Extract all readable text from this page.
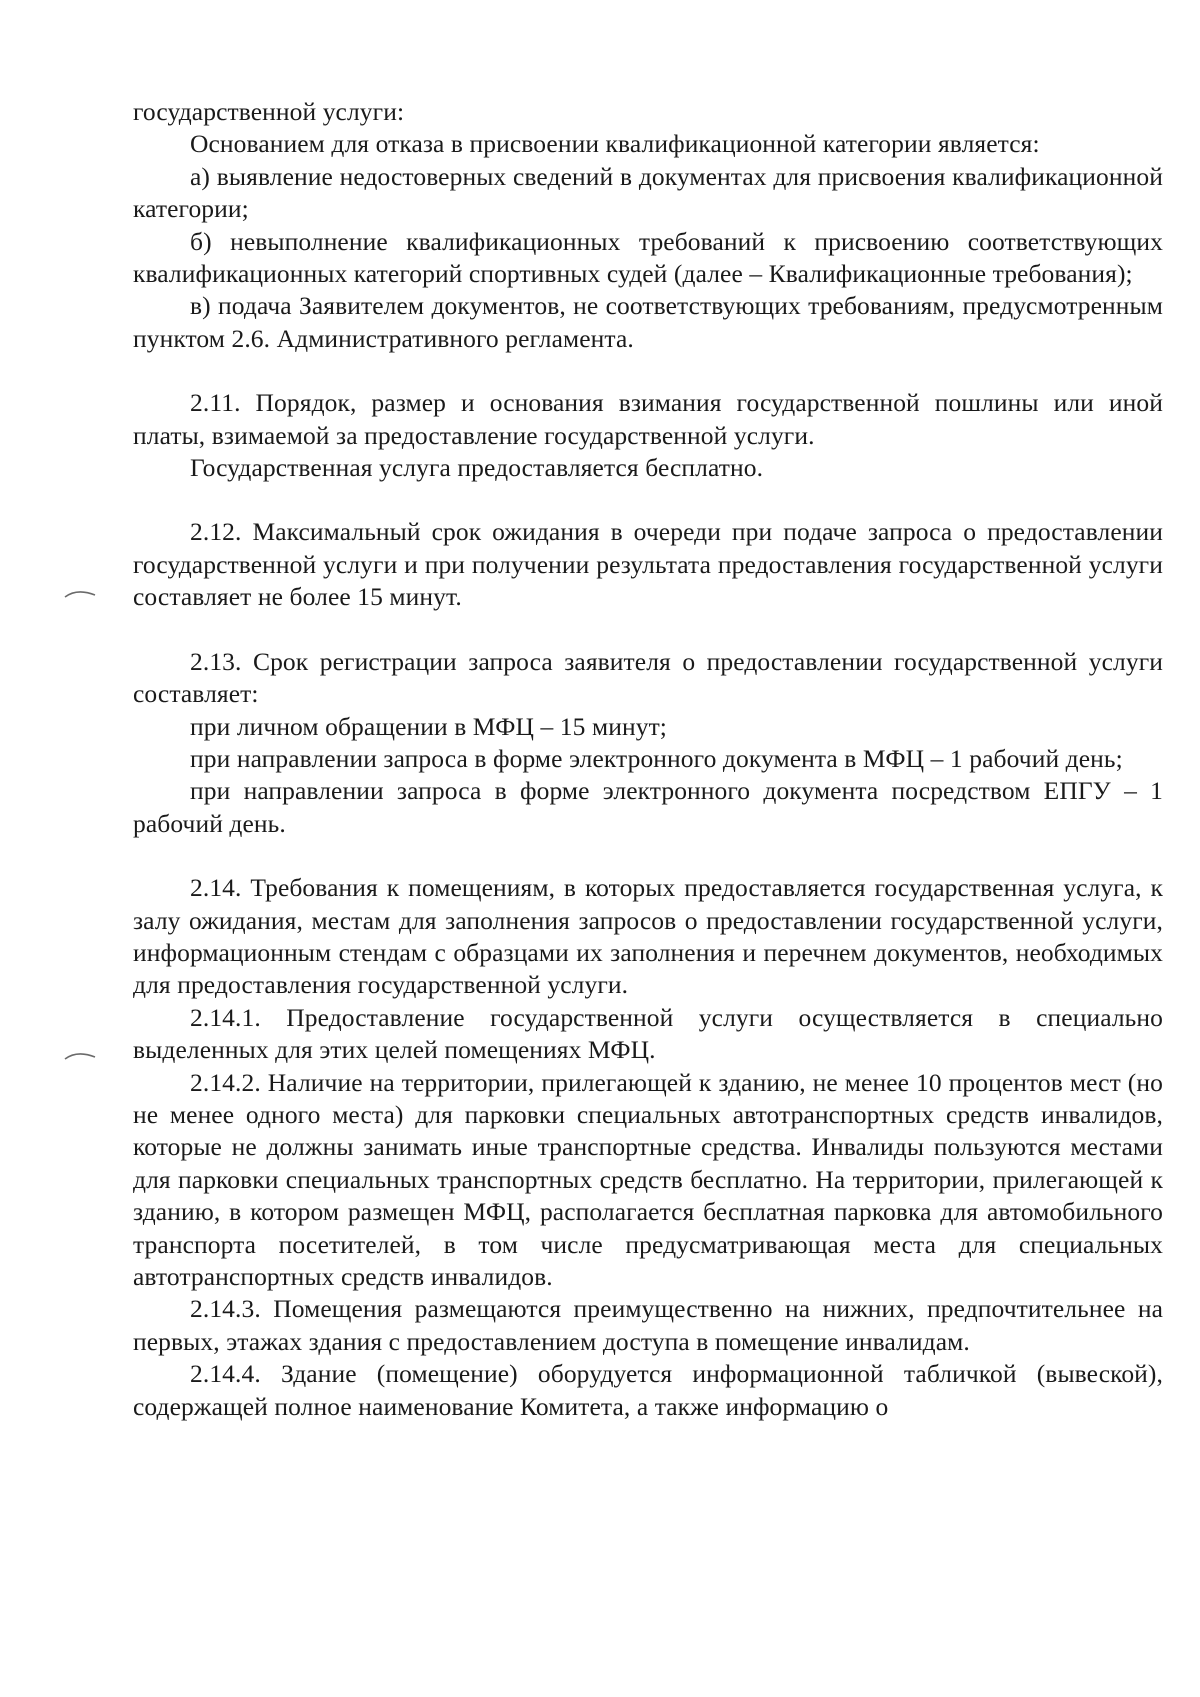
государственной услуги:

Основанием для отказа в присвоении квалификационной категории является:

а) выявление недостоверных сведений в документах для присвоения квалификационной категории;

б) невыполнение квалификационных требований к присвоению соответствующих квалификационных категорий спортивных судей (далее – Квалификационные требования);

в) подача Заявителем документов, не соответствующих требованиям, предусмотренным пунктом 2.6. Административного регламента.

2.11. Порядок, размер и основания взимания государственной пошлины или иной платы, взимаемой за предоставление государственной услуги.

Государственная услуга предоставляется бесплатно.

2.12. Максимальный срок ожидания в очереди при подаче запроса о предоставлении государственной услуги и при получении результата предоставления государственной услуги составляет не более 15 минут.

2.13. Срок регистрации запроса заявителя о предоставлении государственной услуги составляет:

при личном обращении в МФЦ – 15 минут;

при направлении запроса в форме электронного документа в МФЦ – 1 рабочий день;

при направлении запроса в форме электронного документа посредством ЕПГУ – 1 рабочий день.

2.14. Требования к помещениям, в которых предоставляется государственная услуга, к залу ожидания, местам для заполнения запросов о предоставлении государственной услуги, информационным стендам с образцами их заполнения и перечнем документов, необходимых для предоставления государственной услуги.

2.14.1. Предоставление государственной услуги осуществляется в специально выделенных для этих целей помещениях МФЦ.

2.14.2. Наличие на территории, прилегающей к зданию, не менее 10 процентов мест (но не менее одного места) для парковки специальных автотранспортных средств инвалидов, которые не должны занимать иные транспортные средства. Инвалиды пользуются местами для парковки специальных транспортных средств бесплатно. На территории, прилегающей к зданию, в котором размещен МФЦ, располагается бесплатная парковка для автомобильного транспорта посетителей, в том числе предусматривающая места для специальных автотранспортных средств инвалидов.

2.14.3. Помещения размещаются преимущественно на нижних, предпочтительнее на первых, этажах здания с предоставлением доступа в помещение инвалидам.

2.14.4. Здание (помещение) оборудуется информационной табличкой (вывеской), содержащей полное наименование Комитета, а также информацию о
